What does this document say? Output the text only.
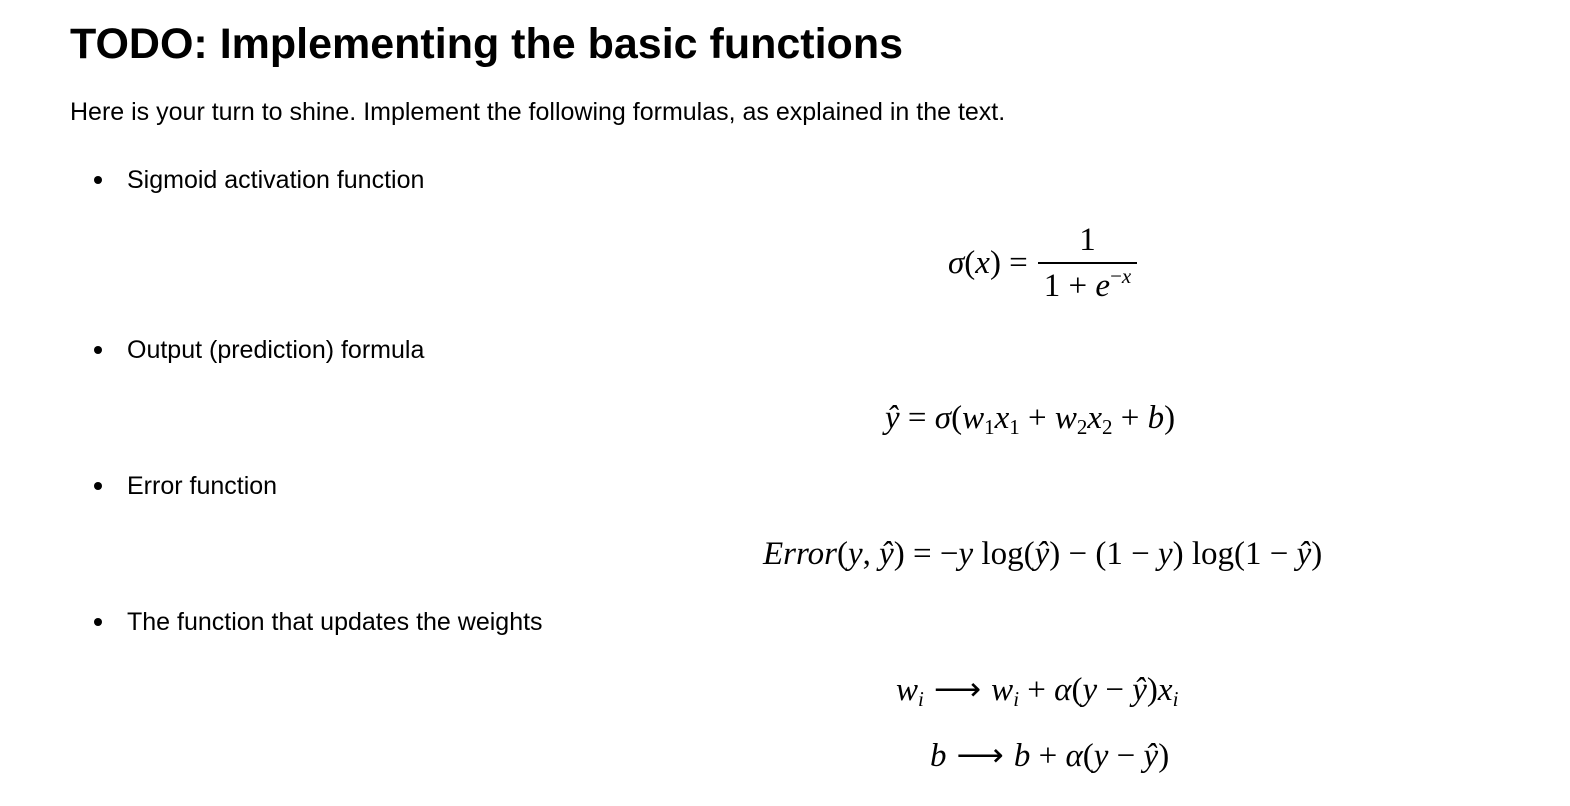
TODO: Implementing the basic functions

Here is your turn to shine. Implement the following formulas, as explained in the text.

Sigmoid activation function
$\sigma(x) = \frac{1}{1 + e^{-x}}$
Output (prediction) formula
ŷ = $\sigma(w_1x_1 + w_2x_2 + b)$
Error function
Error(y, ŷ) = −y log(ŷ) − (1 − y) log(1 − ŷ)
The function that updates the weights
$w_i$ ⟶ $w_i + \alpha(y$ − $ŷ)x_i$
b ⟶ b + α(y − ŷ)
